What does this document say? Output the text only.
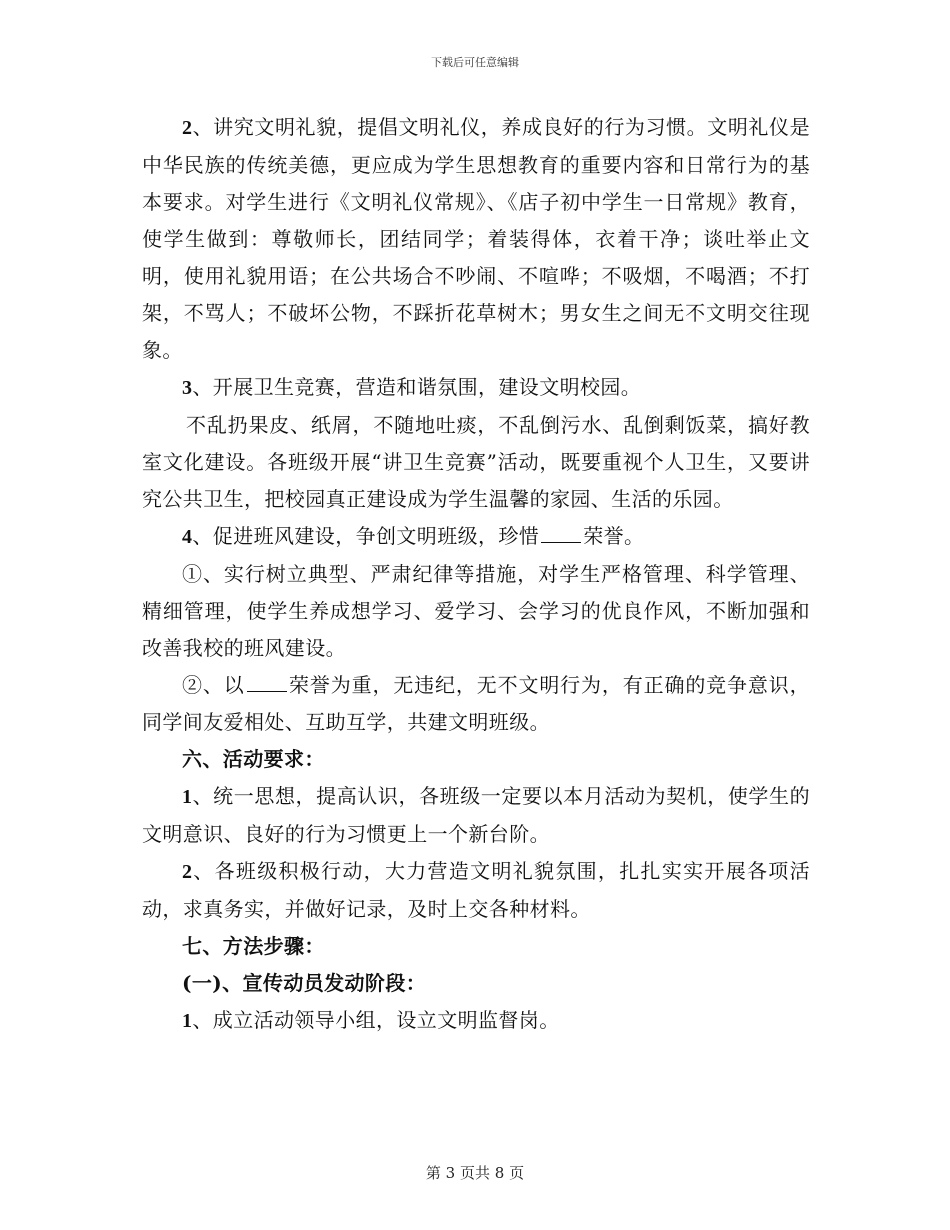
下载后可任意编辑

2、讲究文明礼貌，提倡文明礼仪，养成良好的行为习惯。文明礼仪是中华民族的传统美德，更应成为学生思想教育的重要内容和日常行为的基本要求。对学生进行《文明礼仪常规》、《店子初中学生一日常规》教育，使学生做到：尊敬师长，团结同学；着装得体，衣着干净；谈吐举止文明，使用礼貌用语；在公共场合不吵闹、不喧哗；不吸烟，不喝酒；不打架，不骂人；不破坏公物，不踩折花草树木；男女生之间无不文明交往现象。

3、开展卫生竞赛，营造和谐氛围，建设文明校园。

不乱扔果皮、纸屑，不随地吐痰，不乱倒污水、乱倒剩饭菜，搞好教室文化建设。各班级开展“讲卫生竞赛”活动，既要重视个人卫生，又要讲究公共卫生，把校园真正建设成为学生温馨的家园、生活的乐园。

4、促进班风建设，争创文明班级，珍惜 荣誉。

①、实行树立典型、严肃纪律等措施，对学生严格管理、科学管理、精细管理，使学生养成想学习、爱学习、会学习的优良作风，不断加强和改善我校的班风建设。

②、以 荣誉为重，无违纪，无不文明行为，有正确的竞争意识，同学间友爱相处、互助互学，共建文明班级。

六、活动要求：

1、统一思想，提高认识，各班级一定要以本月活动为契机，使学生的文明意识、良好的行为习惯更上一个新台阶。

2、各班级积极行动，大力营造文明礼貌氛围，扎扎实实开展各项活动，求真务实，并做好记录，及时上交各种材料。

七、方法步骤：

(一)、宣传动员发动阶段：

1、成立活动领导小组，设立文明监督岗。

第 3 页共 8 页
